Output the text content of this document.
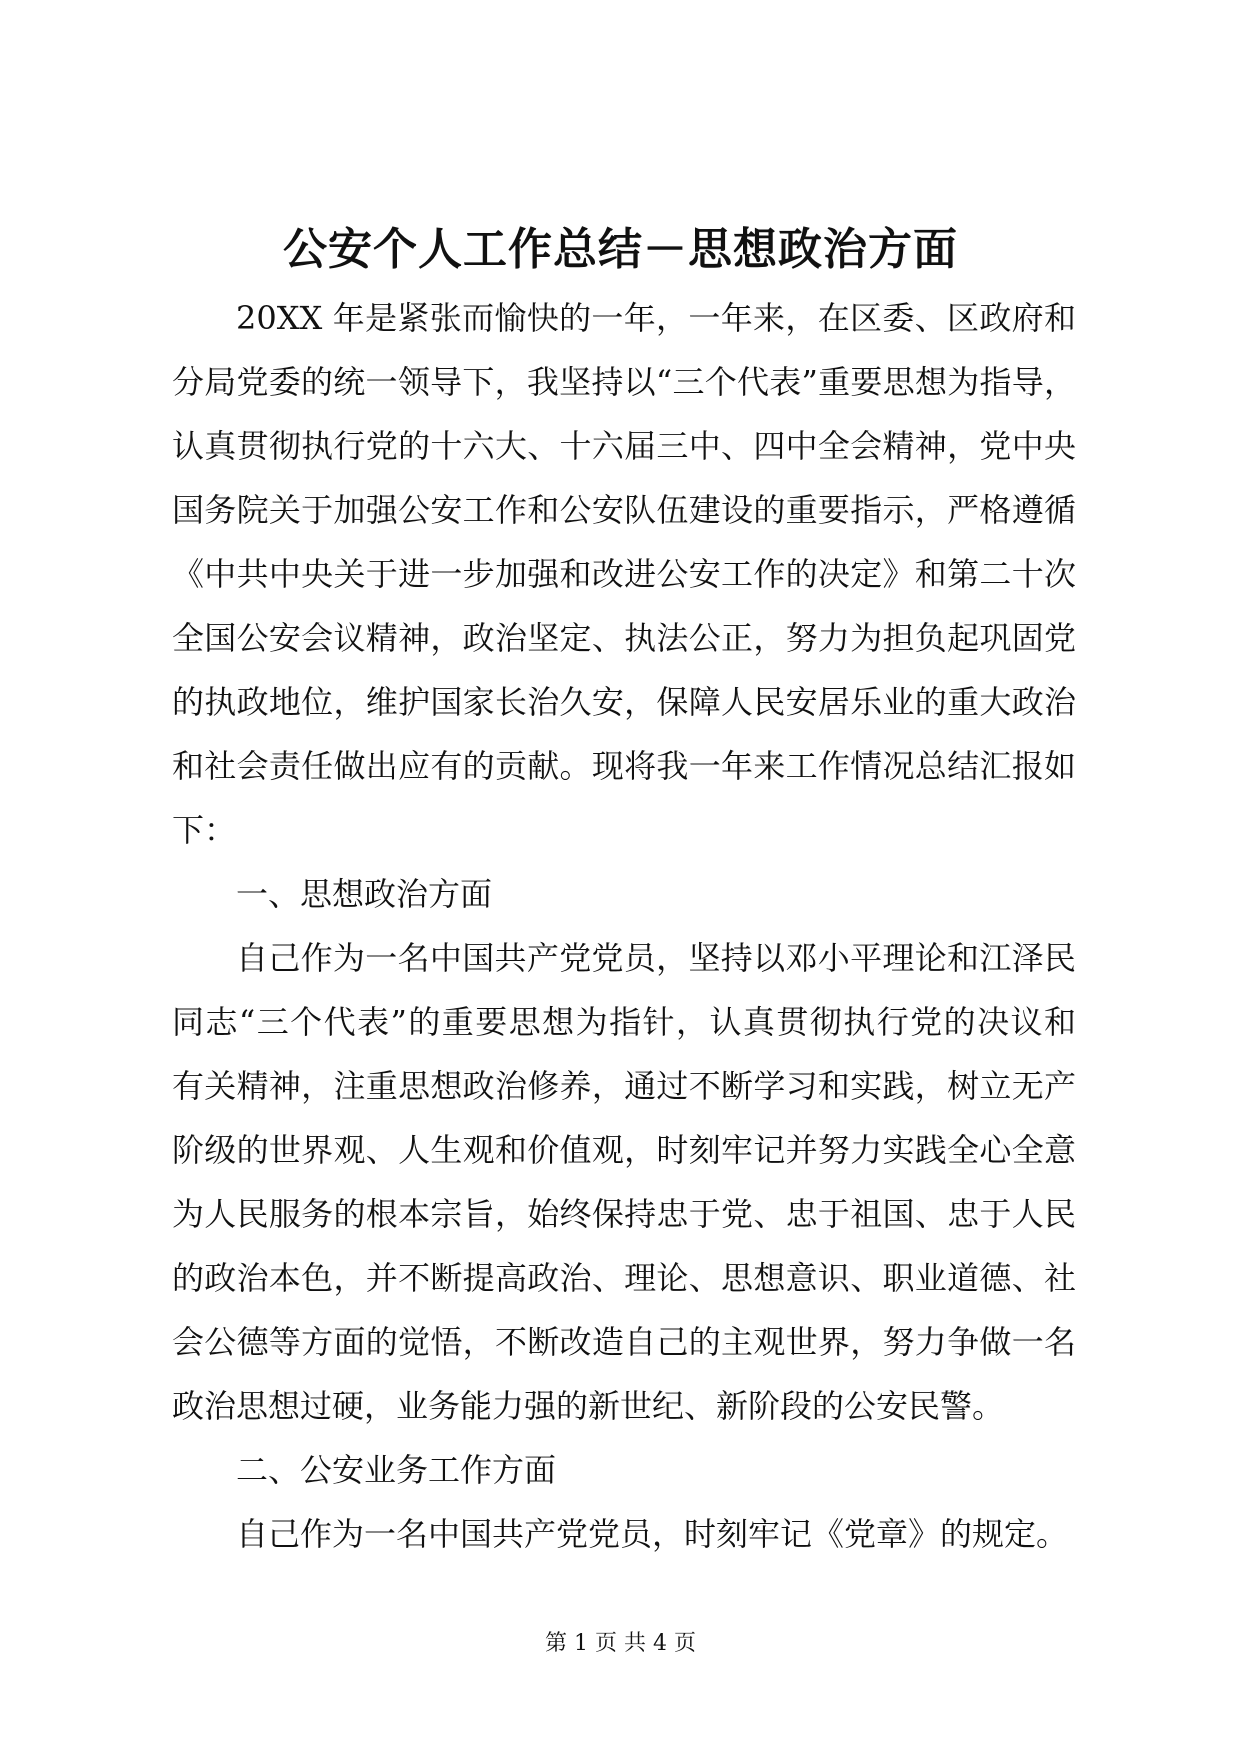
公安个人工作总结－思想政治方面
20XX 年是紧张而愉快的一年，一年来，在区委、区政府和
分局党委的统一领导下，我坚持以“三个代表”重要思想为指导，
认真贯彻执行党的十六大、十六届三中、四中全会精神，党中央
国务院关于加强公安工作和公安队伍建设的重要指示，严格遵循
《中共中央关于进一步加强和改进公安工作的决定》和第二十次
全国公安会议精神，政治坚定、执法公正，努力为担负起巩固党
的执政地位，维护国家长治久安，保障人民安居乐业的重大政治
和社会责任做出应有的贡献。现将我一年来工作情况总结汇报如
下：
一、思想政治方面
自己作为一名中国共产党党员，坚持以邓小平理论和江泽民
同志“三个代表”的重要思想为指针，认真贯彻执行党的决议和
有关精神，注重思想政治修养，通过不断学习和实践，树立无产
阶级的世界观、人生观和价值观，时刻牢记并努力实践全心全意
为人民服务的根本宗旨，始终保持忠于党、忠于祖国、忠于人民
的政治本色，并不断提高政治、理论、思想意识、职业道德、社
会公德等方面的觉悟，不断改造自己的主观世界，努力争做一名
政治思想过硬，业务能力强的新世纪、新阶段的公安民警。
二、公安业务工作方面
自己作为一名中国共产党党员，时刻牢记《党章》的规定。
第 1 页 共 4 页
